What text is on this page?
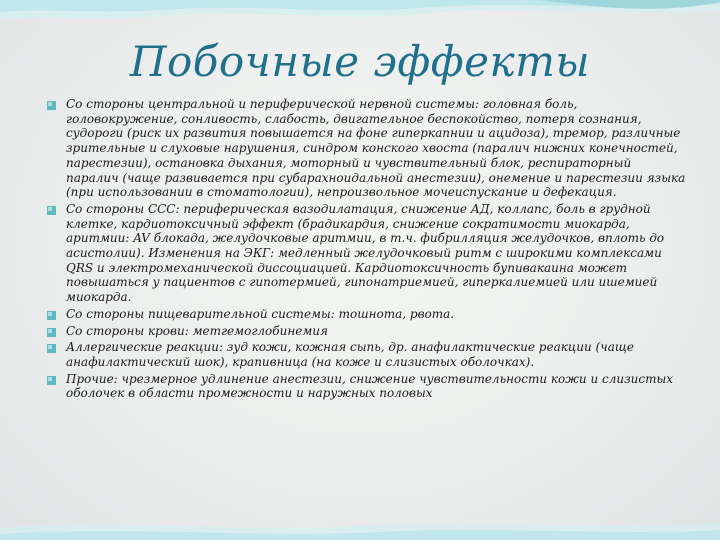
Побочные эффекты
Со стороны центральной и периферической нервной системы: головная боль, головокружение, сонливость, слабость, двигательное беспокойство, потеря сознания, судороги (риск их развития повышается на фоне гиперкапнии и ацидоза), тремор, различные зрительные и слуховые нарушения, синдром конского хвоста (паралич нижних конечностей, парестезии), остановка дыхания, моторный и чувствительный блок, респираторный паралич (чаще развивается при субарахноидальной анестезии), онемение и парестезии языка (при использовании в стоматологии), непроизвольное мочеиспускание и дефекация.
Со стороны ССС: периферическая вазодилатация, снижение АД, коллапс, боль в грудной клетке, кардиотоксичный эффект (брадикардия, снижение сократимости миокарда, аритмии: AV блокада, желудочковые аритмии, в т.ч. фибрилляция желудочков, вплоть до асистолии). Изменения на ЭКГ: медленный желудочковый ритм с широкими комплексами QRS и электромеханической диссоциацией. Кардиотоксичность бупивакаина может повышаться у пациентов с гипотермией, гипонатриемией, гиперкалиемией или ишемией миокарда.
Со стороны пищеварительной системы: тошнота, рвота.
Со стороны крови: метгемоглобинемия
Аллергические реакции: зуд кожи, кожная сыпь, др. анафилактические реакции (чаще анафилактический шок), крапивница (на коже и слизистых оболочках).
Прочие: чрезмерное удлинение анестезии, снижение чувствительности кожи и слизистых оболочек в области промежности и наружных половых
